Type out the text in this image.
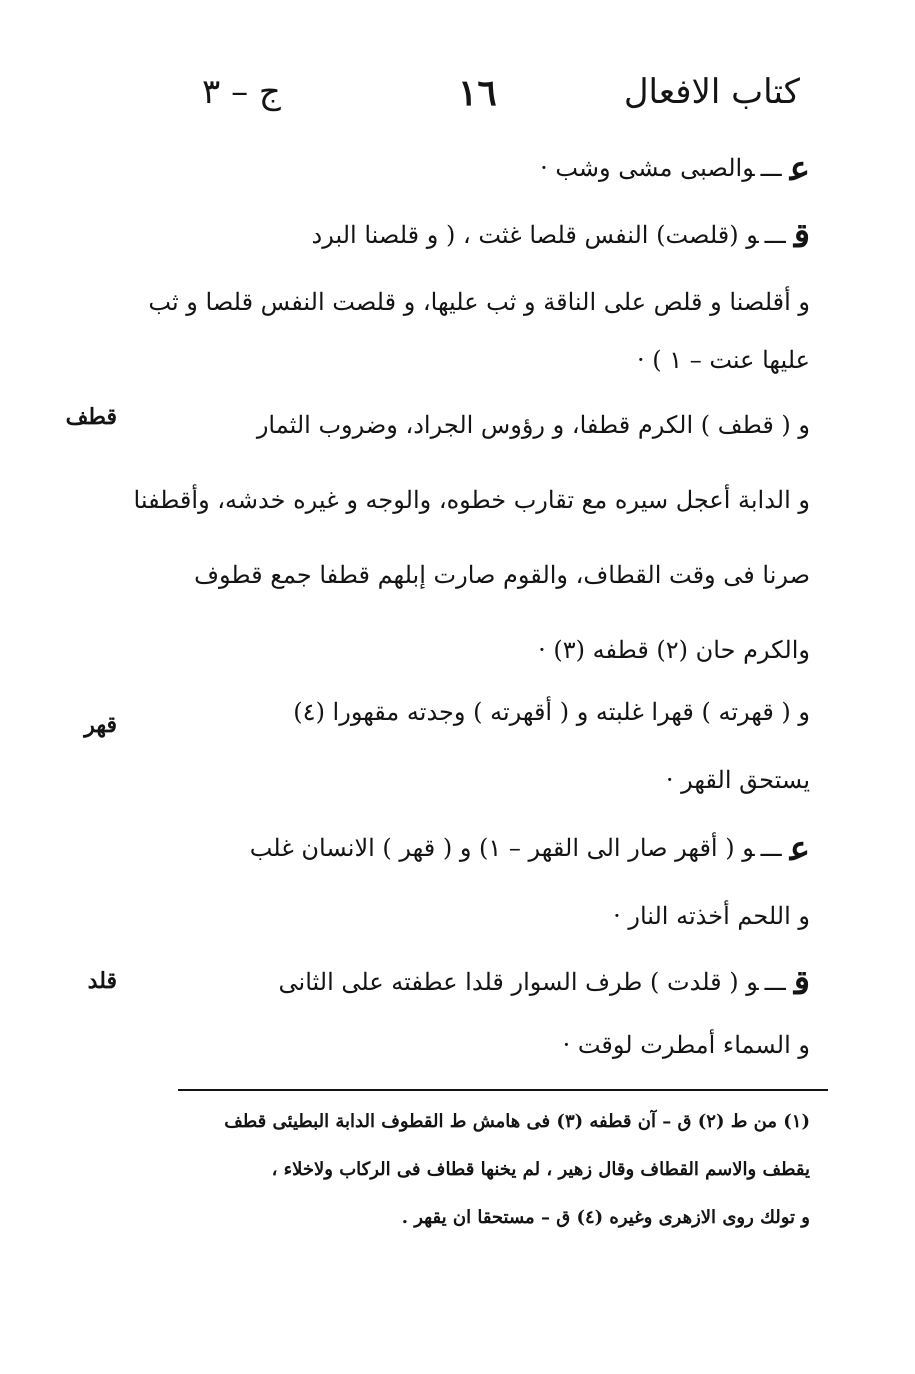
كتاب الافعال
١٦
ج – ٣
عـــوالصبى مشى وشب ·
قـــو (قلصت) النفس قلصا غثت ، ( و قلصنا البرد
و أقلصنا و قلص على الناقة و ثب عليها، و قلصت النفس قلصا و ثب
عليها عنت – ١ ) ·
قطف	و ( قطف ) الكرم قطفا، و رؤوس الجراد، وضروب الثمار
و الدابة أعجل سيره مع تقارب خطوه، والوجه و غيره خدشه، وأقطفنا
صرنا فى وقت القطاف، والقوم صارت إبلهم قطفا جمع قطوف
والكرم حان (٢) قطفه (٣) ·
قهر	و ( قهرته ) قهرا غلبته و ( أقهرته ) وجدته مقهورا (٤)
يستحق القهر ·
عـــو ( أقهر صار الى القهر – ١) و ( قهر ) الانسان غلب
و اللحم أخذته النار ·
قلد	قـــو ( قلدت ) طرف السوار قلدا عطفته على الثانى
و السماء أمطرت لوقت ·
(١) من ط (٢) ق – آن قطفه (٣) فى هامش ط القطوف الدابة البطيئى قطف
يقطف والاسم القطاف وقال زهير ، لم يخنها قطاف فى الركاب ولاخلاء ،
و تولك روى الازهرى وغيره (٤) ق – مستحقا ان يقهر .
